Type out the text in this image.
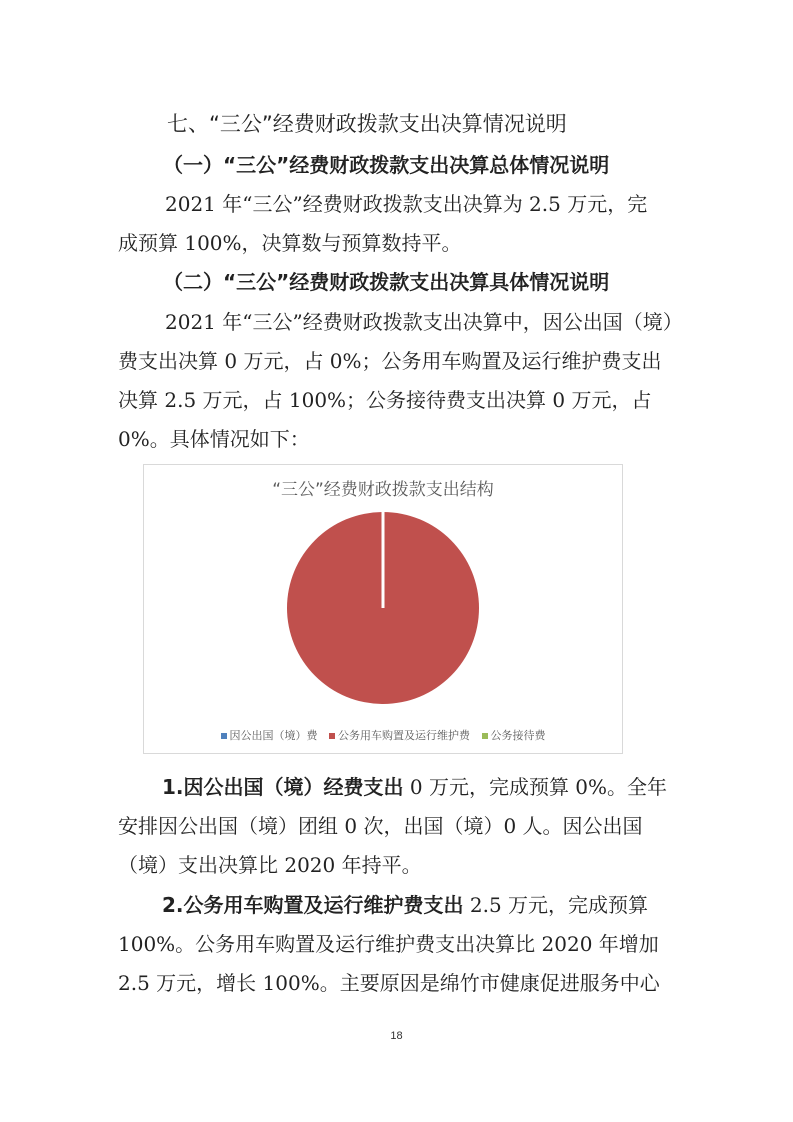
七、“三公”经费财政拨款支出决算情况说明
（一）“三公”经费财政拨款支出决算总体情况说明
2021 年“三公”经费财政拨款支出决算为 2.5 万元，完
成预算 100%，决算数与预算数持平。
（二）“三公”经费财政拨款支出决算具体情况说明
2021 年“三公”经费财政拨款支出决算中，因公出国（境）
费支出决算 0 万元，占 0%；公务用车购置及运行维护费支出
决算 2.5 万元，占 100%；公务接待费支出决算 0 万元，占
0%。具体情况如下：
“三公”经费财政拨款支出结构
因公出国（境）费 公务用车购置及运行维护费 公务接待费
1.因公出国（境）经费支出 0 万元，完成预算 0%。全年
安排因公出国（境）团组 0 次，出国（境）0 人。因公出国
（境）支出决算比 2020 年持平。
2.公务用车购置及运行维护费支出 2.5 万元，完成预算
100%。公务用车购置及运行维护费支出决算比 2020 年增加
2.5 万元，增长 100%。主要原因是绵竹市健康促进服务中心
18
